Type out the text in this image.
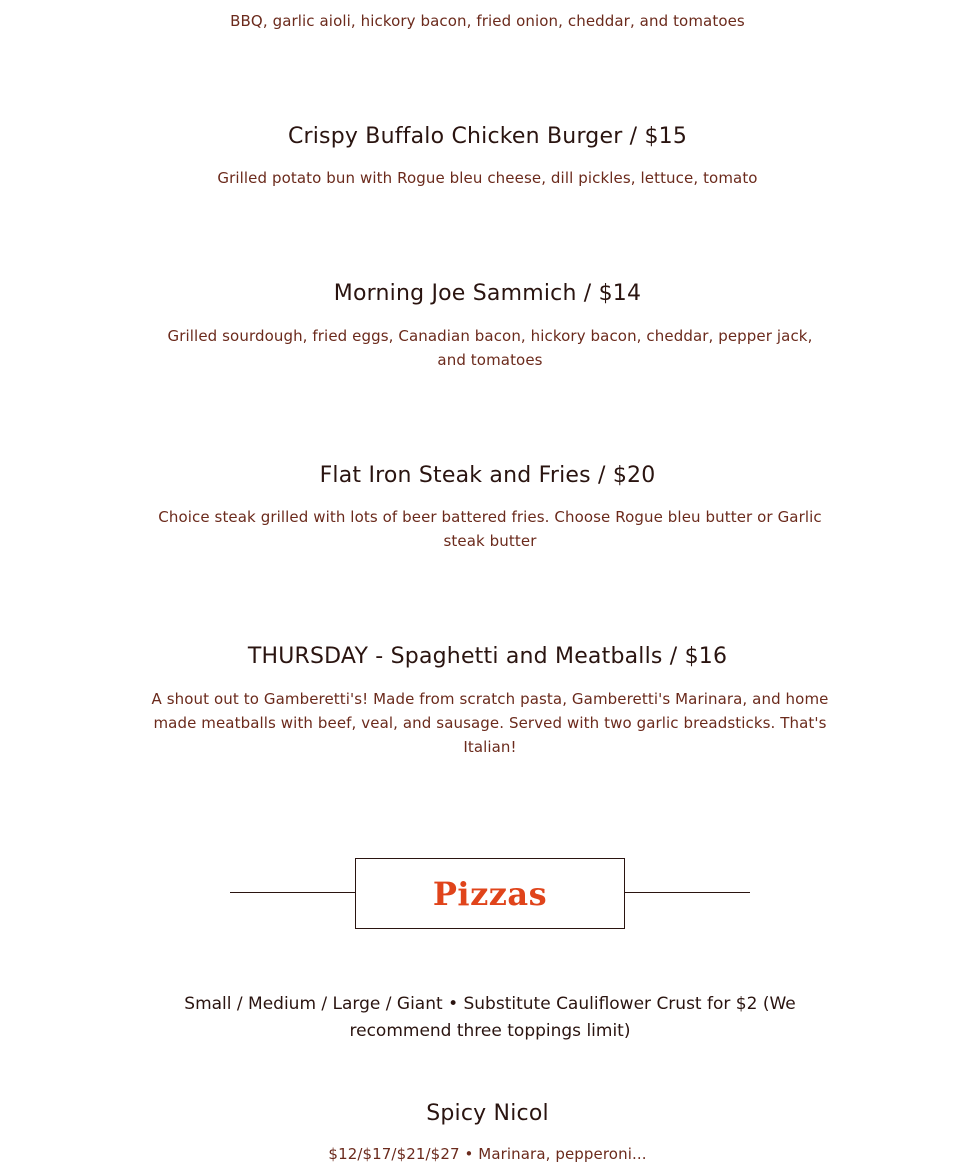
BBQ, garlic aioli, hickory bacon, fried onion, cheddar, and tomatoes
Crispy Buffalo Chicken Burger / $15
Grilled potato bun with Rogue bleu cheese, dill pickles, lettuce, tomato
Morning Joe Sammich / $14
Grilled sourdough, fried eggs, Canadian bacon, hickory bacon, cheddar, pepper jack, and tomatoes
Flat Iron Steak and Fries / $20
Choice steak grilled with lots of beer battered fries. Choose Rogue bleu butter or Garlic steak butter
THURSDAY - Spaghetti and Meatballs / $16
A shout out to Gamberetti's! Made from scratch pasta, Gamberetti's Marinara, and home made meatballs with beef, veal, and sausage. Served with two garlic breadsticks. That's Italian!
Pizzas
Small / Medium / Large / Giant • Substitute Cauliflower Crust for $2 (We recommend three toppings limit)
Spicy Nicol
$12/$17/$21/$27 • Marinara, pepperoni...
